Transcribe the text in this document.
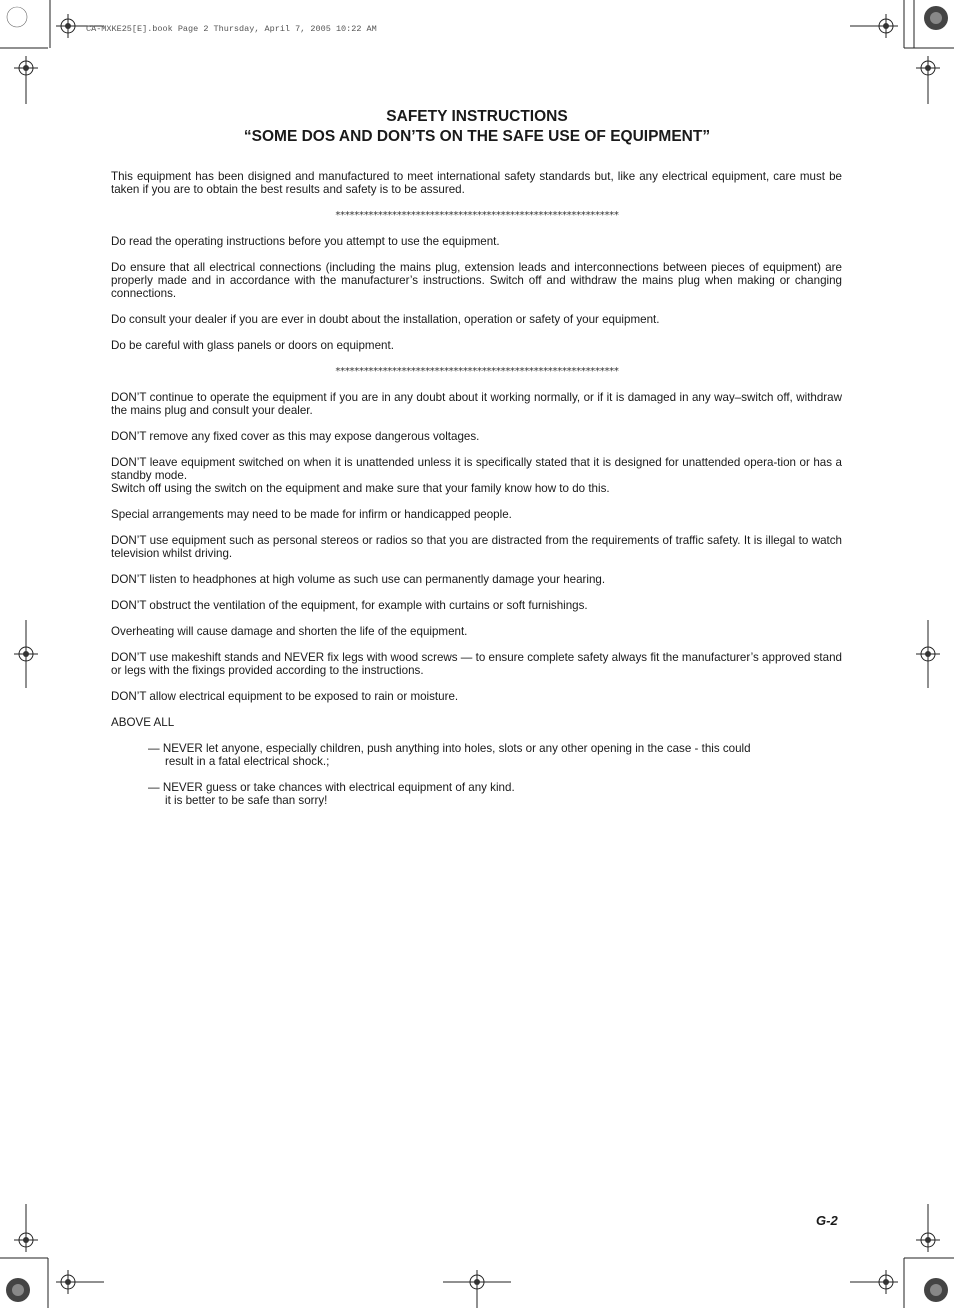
CA-MXKE25[E].book Page 2 Thursday, April 7, 2005 10:22 AM
SAFETY INSTRUCTIONS
“SOME DOS AND DON’TS ON THE SAFE USE OF EQUIPMENT”

This equipment has been disigned and manufactured to meet international safety standards but, like any electrical equipment, care must be taken if you are to obtain the best results and safety is to be assured.

************************************************************

Do read the operating instructions before you attempt to use the equipment.

Do ensure that all electrical connections (including the mains plug, extension leads and interconnections between pieces of equipment) are properly made and in accordance with the manufacturer’s instructions. Switch off and withdraw the mains plug when making or changing connections.

Do consult your dealer if you are ever in doubt about the installation, operation or safety of your equipment.

Do be careful with glass panels or doors on equipment.

************************************************************

DON’T continue to operate the equipment if you are in any doubt about it working normally, or if it is damaged in any way–switch off, withdraw the mains plug and consult your dealer.

DON’T remove any fixed cover as this may expose dangerous voltages.

DON’T leave equipment switched on when it is unattended unless it is specifically stated that it is designed for unattended opera-tion or has a standby mode.

Switch off using the switch on the equipment and make sure that your family know how to do this.

Special arrangements may need to be made for infirm or handicapped people.

DON’T use equipment such as personal stereos or radios so that you are distracted from the requirements of traffic safety. It is illegal to watch television whilst driving.

DON’T listen to headphones at high volume as such use can permanently damage your hearing.

DON’T obstruct the ventilation of the equipment, for example with curtains or soft furnishings.

Overheating will cause damage and shorten the life of the equipment.

DON’T use makeshift stands and NEVER fix legs with wood screws — to ensure complete safety always fit the manufacturer’s approved stand or legs with the fixings provided according to the instructions.

DON’T allow electrical equipment to be exposed to rain or moisture.

ABOVE ALL

— NEVER let anyone, especially children, push anything into holes, slots or any other opening in the case - this could
result in a fatal electrical shock.;
— NEVER guess or take chances with electrical equipment of any kind.
it is better to be safe than sorry!
G-2
